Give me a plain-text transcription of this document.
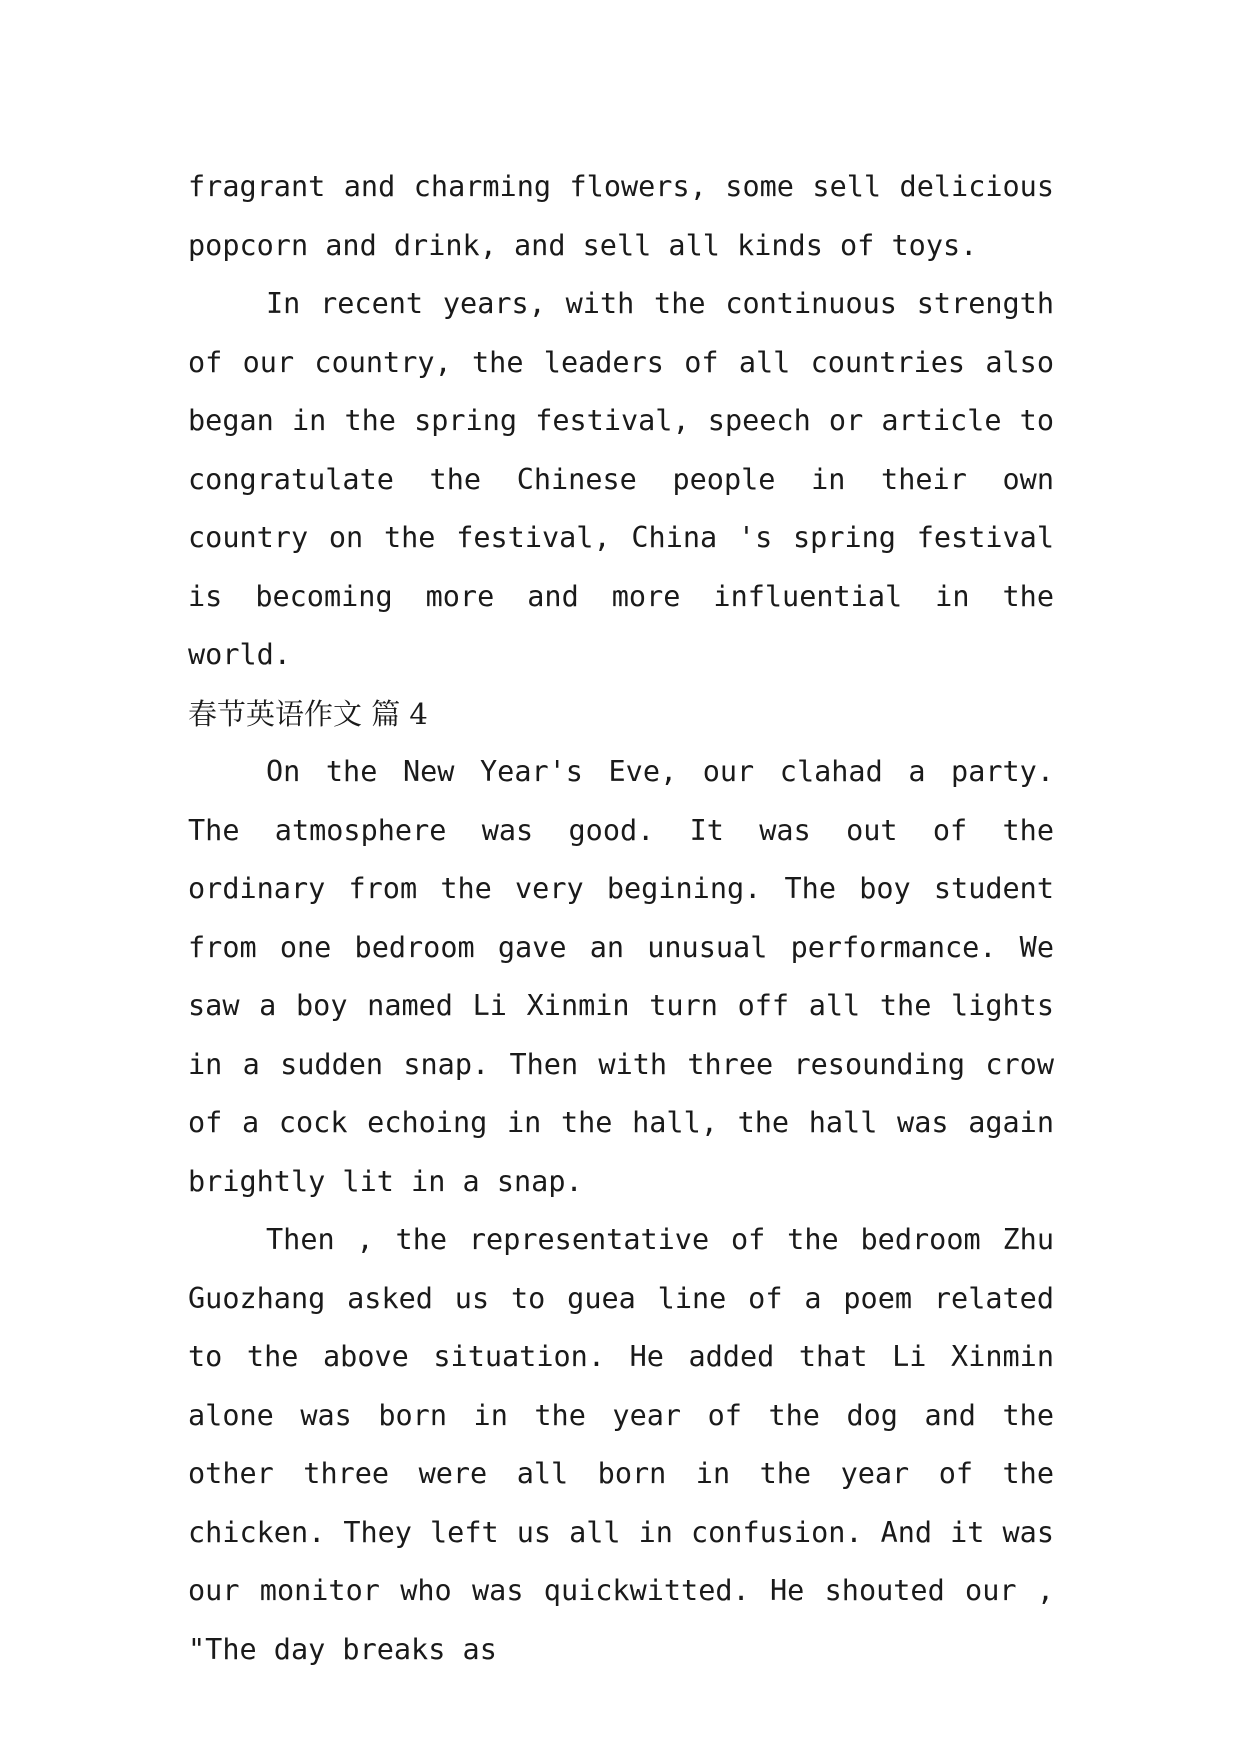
fragrant and charming flowers, some sell delicious popcorn and drink, and sell all kinds of toys.

In recent years, with the continuous strength of our country, the leaders of all countries also began in the spring festival, speech or article to congratulate the Chinese people in their own country on the festival, China 's spring festival is becoming more and more influential in the world.

春节英语作文 篇 4

On the New Year's Eve, our clahad a party. The atmosphere was good. It was out of the ordinary from the very begining. The boy student from one bedroom gave an unusual performance. We saw a boy named Li Xinmin turn off all the lights in a sudden snap. Then with three resounding crow of a cock echoing in the hall, the hall was again brightly lit in a snap.

Then , the representative of the bedroom Zhu Guozhang asked us to guea line of a poem related to the above situation. He added that Li Xinmin alone was born in the year of the dog and the other three were all born in the year of the chicken. They left us all in confusion. And it was our monitor who was quickwitted. He shouted our , "The day breaks as
